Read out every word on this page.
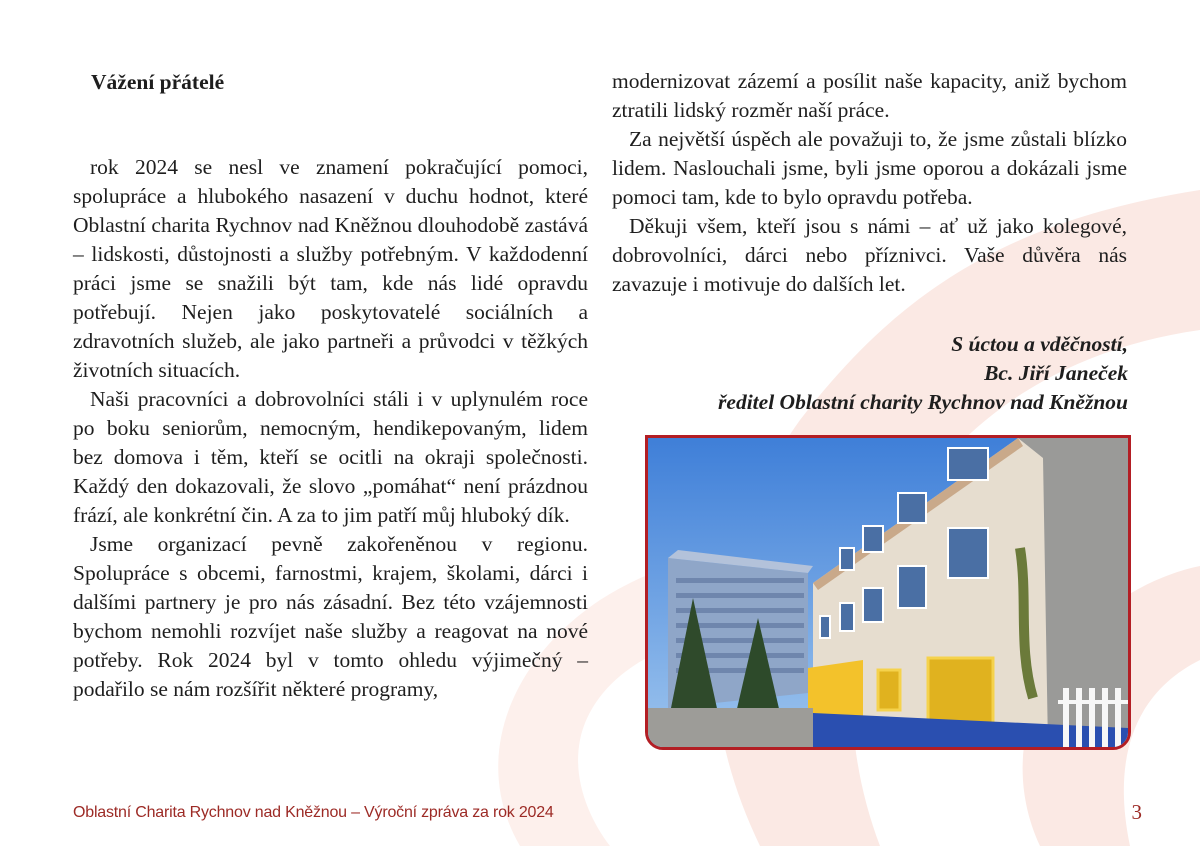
Vážení přátelé

rok 2024 se nesl ve znamení pokračující pomoci, spolupráce a hlubokého nasazení v duchu hodnot, které Oblastní charita Rychnov nad Kněžnou dlouhodobě zastává – lidskosti, důstojnosti a služby potřebným. V každodenní práci jsme se snažili být tam, kde nás lidé opravdu potřebují. Nejen jako poskytovatelé sociálních a zdravotních služeb, ale jako partneři a průvodci v těžkých životních situacích.

Naši pracovníci a dobrovolníci stáli i v uplynulém roce po boku seniorům, nemocným, hendikepovaným, lidem bez domova i těm, kteří se ocitli na okraji společnosti. Každý den dokazovali, že slovo „pomáhat“ není prázdnou frází, ale konkrétní čin. A za to jim patří můj hluboký dík.

Jsme organizací pevně zakořeněnou v regionu. Spolupráce s obcemi, farnostmi, krajem, školami, dárci i dalšími partnery je pro nás zásadní. Bez této vzájemnosti bychom nemohli rozvíjet naše služby a reagovat na nové potřeby. Rok 2024 byl v tomto ohledu výjimečný – podařilo se nám rozšířit některé programy,

modernizovat zázemí a posílit naše kapacity, aniž bychom ztratili lidský rozměr naší práce.

Za největší úspěch ale považuji to, že jsme zůstali blízko lidem. Naslouchali jsme, byli jsme oporou a dokázali jsme pomoci tam, kde to bylo opravdu potřeba.

Děkuji všem, kteří jsou s námi – ať už jako kolegové, dobrovolníci, dárci nebo příznivci. Vaše důvěra nás zavazuje i motivuje do dalších let.

S úctou a vděčností,
Bc. Jiří Janeček
ředitel Oblastní charity Rychnov nad Kněžnou
Oblastní Charita Rychnov nad Kněžnou – Výroční zpráva za rok 2024	3
